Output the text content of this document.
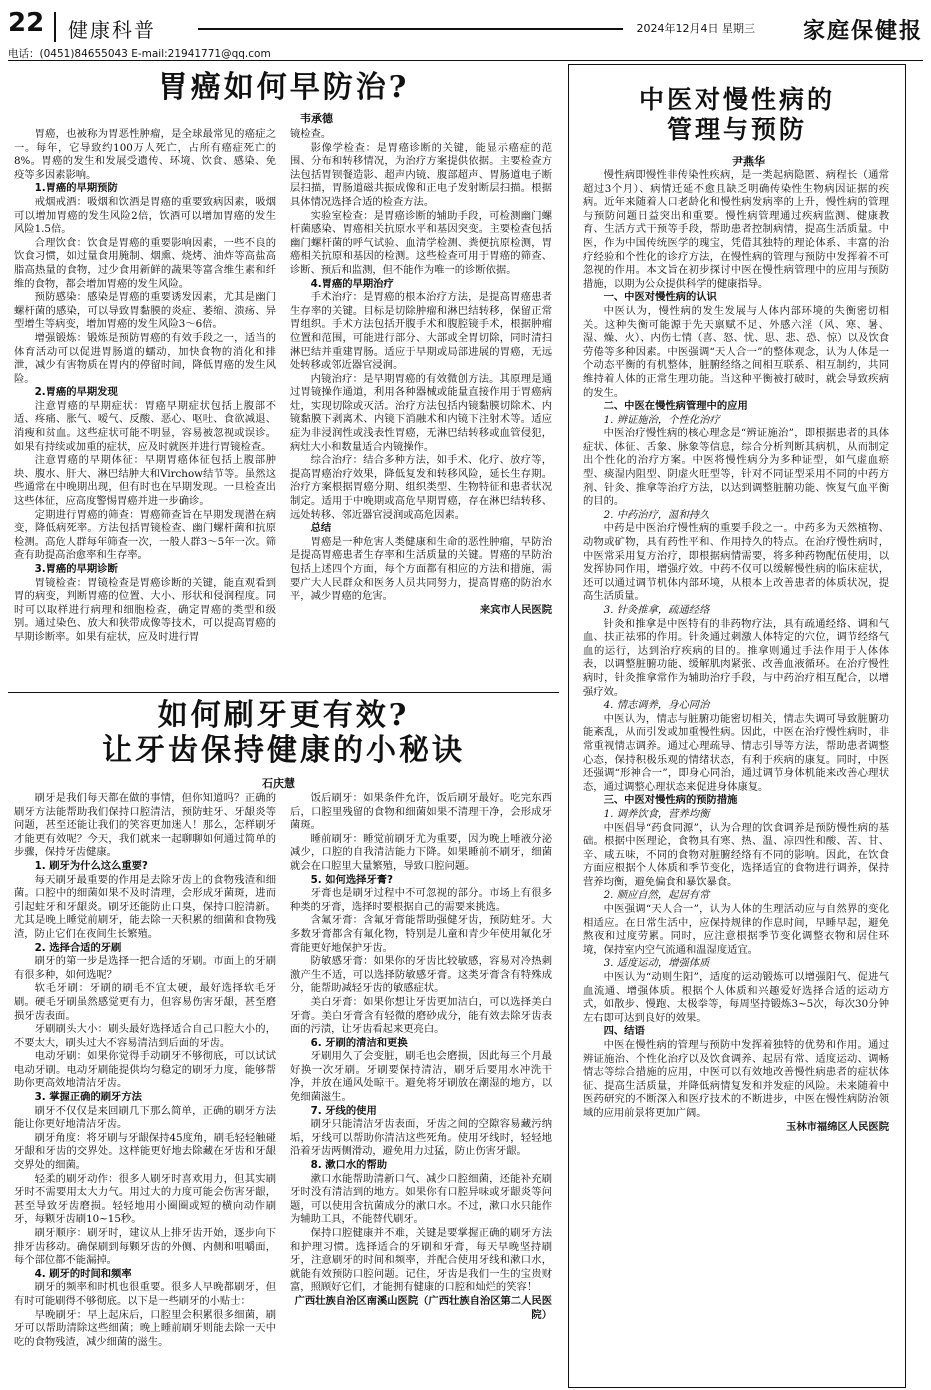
22 健康科普	2024年12月4日 星期三 家庭保健报
电话：(0451)84655043 E-mail:21941771@qq.com
胃癌如何早防治?
韦承德

胃癌，也被称为胃恶性肿瘤，是全球最常见的癌症之一。每年，它导致约100万人死亡，占所有癌症死亡的8%。胃癌的发生和发展受遗传、环境、饮食、感染、免疫等多因素影响。

1.胃癌的早期预防

戒烟戒酒：吸烟和饮酒是胃癌的重要致病因素，吸烟可以增加胃癌的发生风险2倍，饮酒可以增加胃癌的发生风险1.5倍。

合理饮食：饮食是胃癌的重要影响因素，一些不良的饮食习惯，如过量食用腌制、烟熏、烧烤、油炸等高盐高脂高热量的食物，过少食用新鲜的蔬果等富含维生素和纤维的食物，都会增加胃癌的发生风险。

预防感染：感染是胃癌的重要诱发因素，尤其是幽门螺杆菌的感染，可以导致胃黏膜的炎症、萎缩、溃疡、异型增生等病变，增加胃癌的发生风险3～6倍。

增强锻炼：锻炼是预防胃癌的有效手段之一，适当的体育活动可以促进胃肠道的蠕动，加快食物的消化和排泄，减少有害物质在胃内的停留时间，降低胃癌的发生风险。

2.胃癌的早期发现

注意胃癌的早期症状：胃癌早期症状包括上腹部不适、疼痛、胀气、嗳气、反酸、恶心、呕吐、食欲减退、消瘦和贫血。这些症状可能不明显，容易被忽视或误诊。如果有持续或加重的症状，应及时就医并进行胃镜检查。

注意胃癌的早期体征：早期胃癌体征包括上腹部肿块、腹水、肝大、淋巴结肿大和Virchow结节等。虽然这些通常在中晚期出现，但有时也在早期发现。一旦检查出这些体征，应高度警惕胃癌并进一步确诊。

定期进行胃癌的筛查：胃癌筛查旨在早期发现潜在病变，降低病死率。方法包括胃镜检查、幽门螺杆菌和抗原检测。高危人群每年筛查一次，一般人群3～5年一次。筛查有助提高治愈率和生存率。

3.胃癌的早期诊断

胃镜检查：胃镜检查是胃癌诊断的关键，能直观看到胃的病变，判断胃癌的位置、大小、形状和侵润程度。同时可以取样进行病理和细胞检查，确定胃癌的类型和级别。通过染色、放大和狭带成像等技术，可以提高胃癌的早期诊断率。如果有症状，应及时进行胃

镜检查。

影像学检查：是胃癌诊断的关键，能显示癌症的范围、分布和转移情况，为治疗方案提供依据。主要检查方法包括胃钡餐造影、超声内镜、腹部超声、胃肠道电子断层扫描，胃肠道磁共振成像和正电子发射断层扫描。根据具体情况选择合适的检查方法。

实验室检查：是胃癌诊断的辅助手段，可检测幽门螺杆菌感染、胃癌相关抗原水平和基因突变。主要检查包括幽门螺杆菌的呼气试验、血清学检测、粪便抗原检测，胃癌相关抗原和基因的检测。这些检查可用于胃癌的筛查、诊断、预后和监测，但不能作为唯一的诊断依据。

4.胃癌的早期治疗

手术治疗：是胃癌的根本治疗方法，是提高胃癌患者生存率的关键。目标是切除肿瘤和淋巴结转移，保留正常胃组织。手术方法包括开腹手术和腹腔镜手术，根据肿瘤位置和范围，可能进行部分、大部或全胃切除，同时清扫淋巴结并重建胃肠。适应于早期或局部进展的胃癌，无远处转移或邻近器官浸润。

内镜治疗：是早期胃癌的有效微创方法。其原理是通过胃镜操作通道，利用各种器械或能量直接作用于胃癌病灶，实现切除或灭活。治疗方法包括内镜黏膜切除术、内镜黏膜下剥离术、内镜下消融术和内镜下注射术等。适应症为非浸润性或浅表性胃癌，无淋巴结转移或血管侵犯，病灶大小和数量适合内镜操作。

综合治疗：结合多种方法，如手术、化疗、放疗等，提高胃癌治疗效果，降低复发和转移风险，延长生存期。治疗方案根据胃癌分期、组织类型、生物特征和患者状况制定。适用于中晚期或高危早期胃癌，存在淋巴结转移、远处转移、邻近器官浸润或高危因素。

总结

胃癌是一种危害人类健康和生命的恶性肿瘤，早防治是提高胃癌患者生存率和生活质量的关键。胃癌的早防治包括上述四个方面，每个方面都有相应的方法和措施，需要广大人民群众和医务人员共同努力，提高胃癌的防治水平，减少胃癌的危害。

来宾市人民医院

如何刷牙更有效?
让牙齿保持健康的小秘诀
石庆慧

刷牙是我们每天都在做的事情，但你知道吗？正确的刷牙方法能帮助我们保持口腔清洁，预防蛀牙、牙龈炎等问题，甚至还能让我们的笑容更加迷人！那么，怎样刷牙才能更有效呢？今天，我们就来一起聊聊如何通过简单的步骤，保持牙齿健康。

1. 刷牙为什么这么重要?

每天刷牙最重要的作用是去除牙齿上的食物残渣和细菌。口腔中的细菌如果不及时清理，会形成牙菌斑，进而引起蛀牙和牙龈炎。刷牙还能防止口臭，保持口腔清新。尤其是晚上睡觉前刷牙，能去除一天积累的细菌和食物残渣，防止它们在夜间生长繁殖。

2. 选择合适的牙刷

刷牙的第一步是选择一把合适的牙刷。市面上的牙刷有很多种，如何选呢？

软毛牙刷：牙刷的刷毛不宜太硬，最好选择软毛牙刷。硬毛牙刷虽然感觉更有力，但容易伤害牙龈，甚至磨损牙齿表面。

牙刷刷头大小：刷头最好选择适合自己口腔大小的，不要太大，刷头过大不容易清洁到后面的牙齿。

电动牙刷：如果你觉得手动刷牙不够彻底，可以试试电动牙刷。电动牙刷能提供均匀稳定的刷牙力度，能够帮助你更高效地清洁牙齿。

3. 掌握正确的刷牙方法

刷牙不仅仅是来回刷几下那么简单，正确的刷牙方法能让你更好地清洁牙齿。

刷牙角度：将牙刷与牙龈保持45度角，刷毛轻轻触碰牙龈和牙齿的交界处。这样能更好地去除藏在牙齿和牙龈交界处的细菌。

轻柔的刷牙动作：很多人刷牙时喜欢用力，但其实刷牙时不需要用太大力气。用过大的力度可能会伤害牙龈，甚至导致牙齿磨损。轻轻地用小圈圈或短的横向动作刷牙，每颗牙齿刷10~15秒。

刷牙顺序：刷牙时，建议从上排牙齿开始，逐步向下排牙齿移动。确保刷到每颗牙齿的外侧、内侧和咀嚼面，每个部位都不能漏掉。

4. 刷牙的时间和频率

刷牙的频率和时机也很重要。很多人早晚都刷牙，但有时可能刷得不够彻底。以下是一些刷牙的小贴士：

早晚刷牙：早上起床后，口腔里会积累很多细菌，刷牙可以帮助清除这些细菌；晚上睡前刷牙则能去除一天中吃的食物残渣，减少细菌的滋生。

饭后刷牙：如果条件允许，饭后刷牙最好。吃完东西后，口腔里残留的食物和细菌如果不清理干净，会形成牙菌斑。

睡前刷牙：睡觉前刷牙尤为重要，因为晚上唾液分泌减少，口腔的自我清洁能力下降。如果睡前不刷牙，细菌就会在口腔里大量繁殖，导致口腔问题。

5. 如何选择牙膏?

牙膏也是刷牙过程中不可忽视的部分。市场上有很多种类的牙膏，选择时要根据自己的需要来挑选。

含氟牙膏：含氟牙膏能帮助强健牙齿，预防蛀牙。大多数牙膏都含有氟化物，特别是儿童和青少年使用氟化牙膏能更好地保护牙齿。

防敏感牙膏：如果你的牙齿比较敏感，容易对冷热刺激产生不适，可以选择防敏感牙膏。这类牙膏含有特殊成分，能帮助减轻牙齿的敏感症状。

美白牙膏：如果你想让牙齿更加洁白，可以选择美白牙膏。美白牙膏含有轻微的磨砂成分，能有效去除牙齿表面的污渍，让牙齿看起来更亮白。

6. 牙刷的清洁和更换

牙刷用久了会变脏，刷毛也会磨损，因此每三个月最好换一次牙刷。牙刷要保持清洁，刷牙后要用水冲洗干净，并放在通风处晾干。避免将牙刷放在潮湿的地方，以免细菌滋生。

7. 牙线的使用

刷牙只能清洁牙齿表面，牙齿之间的空隙容易藏污纳垢，牙线可以帮助你清洁这些死角。使用牙线时，轻轻地沿着牙齿两侧滑动，避免用力过猛，防止伤害牙龈。

8. 漱口水的帮助

漱口水能帮助清新口气、减少口腔细菌，还能补充刷牙时没有清洁到的地方。如果你有口腔异味或牙龈炎等问题，可以使用含抗菌成分的漱口水。不过，漱口水只能作为辅助工具，不能替代刷牙。

保持口腔健康并不难，关键是要掌握正确的刷牙方法和护理习惯。选择适合的牙刷和牙膏，每天早晚坚持刷牙，注意刷牙的时间和频率，并配合使用牙线和漱口水，就能有效预防口腔问题。记住，牙齿是我们一生的宝贵财富，照顾好它们，才能拥有健康的口腔和灿烂的笑容！

广西壮族自治区南溪山医院（广西壮族自治区第二人民医院）

中医对慢性病的
管理与预防
尹燕华

慢性病即慢性非传染性疾病，是一类起病隐匿、病程长（通常超过3个月）、病情迁延不愈且缺乏明确传染性生物病因证据的疾病。近年来随着人口老龄化和慢性病发病率的上升，慢性病的管理与预防问题日益突出和重要。慢性病管理通过疾病监测、健康教育、生活方式干预等手段，帮助患者控制病情，提高生活质量。中医，作为中国传统医学的瑰宝，凭借其独特的理论体系、丰富的治疗经验和个性化的诊疗方法，在慢性病的管理与预防中发挥着不可忽视的作用。本文旨在初步探讨中医在慢性病管理中的应用与预防措施，以期为公众提供科学的健康指导。

一、中医对慢性病的认识

中医认为，慢性病的发生发展与人体内部环境的失衡密切相关。这种失衡可能源于先天禀赋不足、外感六淫（风、寒、暑、湿、燥、火）、内伤七情（喜、怒、忧、思、悲、恐、惊）以及饮食劳倦等多种因素。中医强调“天人合一”的整体观念，认为人体是一个动态平衡的有机整体，脏腑经络之间相互联系、相互制约，共同维持着人体的正常生理功能。当这种平衡被打破时，就会导致疾病的发生。

二、中医在慢性病管理中的应用

1. 辨证施治，个性化治疗

中医治疗慢性病的核心理念是“辨证施治”，即根据患者的具体症状、体征、舌象、脉象等信息，综合分析判断其病机，从而制定出个性化的治疗方案。中医将慢性病分为多种证型，如气虚血瘀型、痰湿内阻型、阴虚火旺型等，针对不同证型采用不同的中药方剂、针灸、推拿等治疗方法，以达到调整脏腑功能、恢复气血平衡的目的。

2. 中药治疗，温和持久

中药是中医治疗慢性病的重要手段之一。中药多为天然植物、动物或矿物，具有药性平和、作用持久的特点。在治疗慢性病时，中医常采用复方治疗，即根据病情需要，将多种药物配伍使用，以发挥协同作用，增强疗效。中药不仅可以缓解慢性病的临床症状，还可以通过调节机体内部环境，从根本上改善患者的体质状况，提高生活质量。

3. 针灸推拿，疏通经络

针灸和推拿是中医特有的非药物疗法，具有疏通经络、调和气血、扶正祛邪的作用。针灸通过刺激人体特定的穴位，调节经络气血的运行，达到治疗疾病的目的。推拿则通过手法作用于人体体表，以调整脏腑功能、缓解肌肉紧张、改善血液循环。在治疗慢性病时，针灸推拿常作为辅助治疗手段，与中药治疗相互配合，以增强疗效。

4. 情志调养，身心同治

中医认为，情志与脏腑功能密切相关，情志失调可导致脏腑功能紊乱，从而引发或加重慢性病。因此，中医在治疗慢性病时，非常重视情志调养。通过心理疏导、情志引导等方法，帮助患者调整心态，保持积极乐观的情绪状态，有利于疾病的康复。同时，中医还强调“形神合一”，即身心同治，通过调节身体机能来改善心理状态，通过调整心理状态来促进身体康复。

三、中医对慢性病的预防措施

1. 调养饮食，营养均衡

中医倡导“药食同源”，认为合理的饮食调养是预防慢性病的基础。根据中医理论，食物具有寒、热、温、凉四性和酸、苦、甘、辛、咸五味，不同的食物对脏腑经络有不同的影响。因此，在饮食方面应根据个人体质和季节变化，选择适宜的食物进行调养，保持营养均衡，避免偏食和暴饮暴食。

2. 顺应自然，起居有常

中医强调“天人合一”，认为人体的生理活动应与自然界的变化相适应。在日常生活中，应保持规律的作息时间，早睡早起，避免熬夜和过度劳累。同时，应注意根据季节变化调整衣物和居住环境，保持室内空气流通和温湿度适宜。

3. 适度运动，增强体质

中医认为“动则生阳”，适度的运动锻炼可以增强阳气、促进气血流通、增强体质。根据个人体质和兴趣爱好选择合适的运动方式，如散步、慢跑、太极拳等，每周坚持锻炼3~5次，每次30分钟左右即可达到良好的效果。

四、结语

中医在慢性病的管理与预防中发挥着独特的优势和作用。通过辨证施治、个性化治疗以及饮食调养、起居有常、适度运动、调畅情志等综合措施的应用，中医可以有效地改善慢性病患者的症状体征、提高生活质量，并降低病情复发和并发症的风险。未来随着中医药研究的不断深入和医疗技术的不断进步，中医在慢性病防治领域的应用前景将更加广阔。

玉林市福绵区人民医院
